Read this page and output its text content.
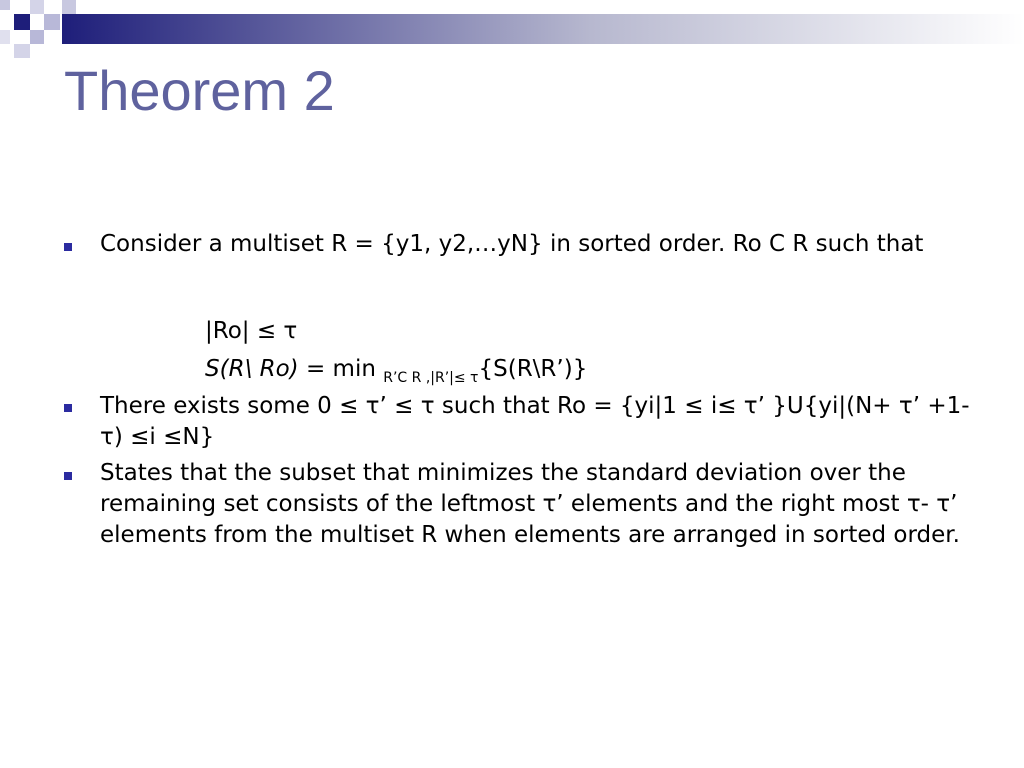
Theorem 2

Consider a multiset R = {y1, y2,…yN} in sorted order. Ro C R such that

|Ro| ≤ τ
S(R\ Ro) = min $_{R’C R ,|R’|\le \tau}${S(R\R’)}

There exists some 0 ≤ τ’ ≤ τ such that Ro = {yi|1 ≤ i≤ τ’ }U{yi|(N+ τ’ +1- τ) ≤i ≤N}

States that the subset that minimizes the standard deviation over the remaining set consists of the leftmost τ’ elements and the right most τ- τ’ elements from the multiset R when elements are arranged in sorted order.
